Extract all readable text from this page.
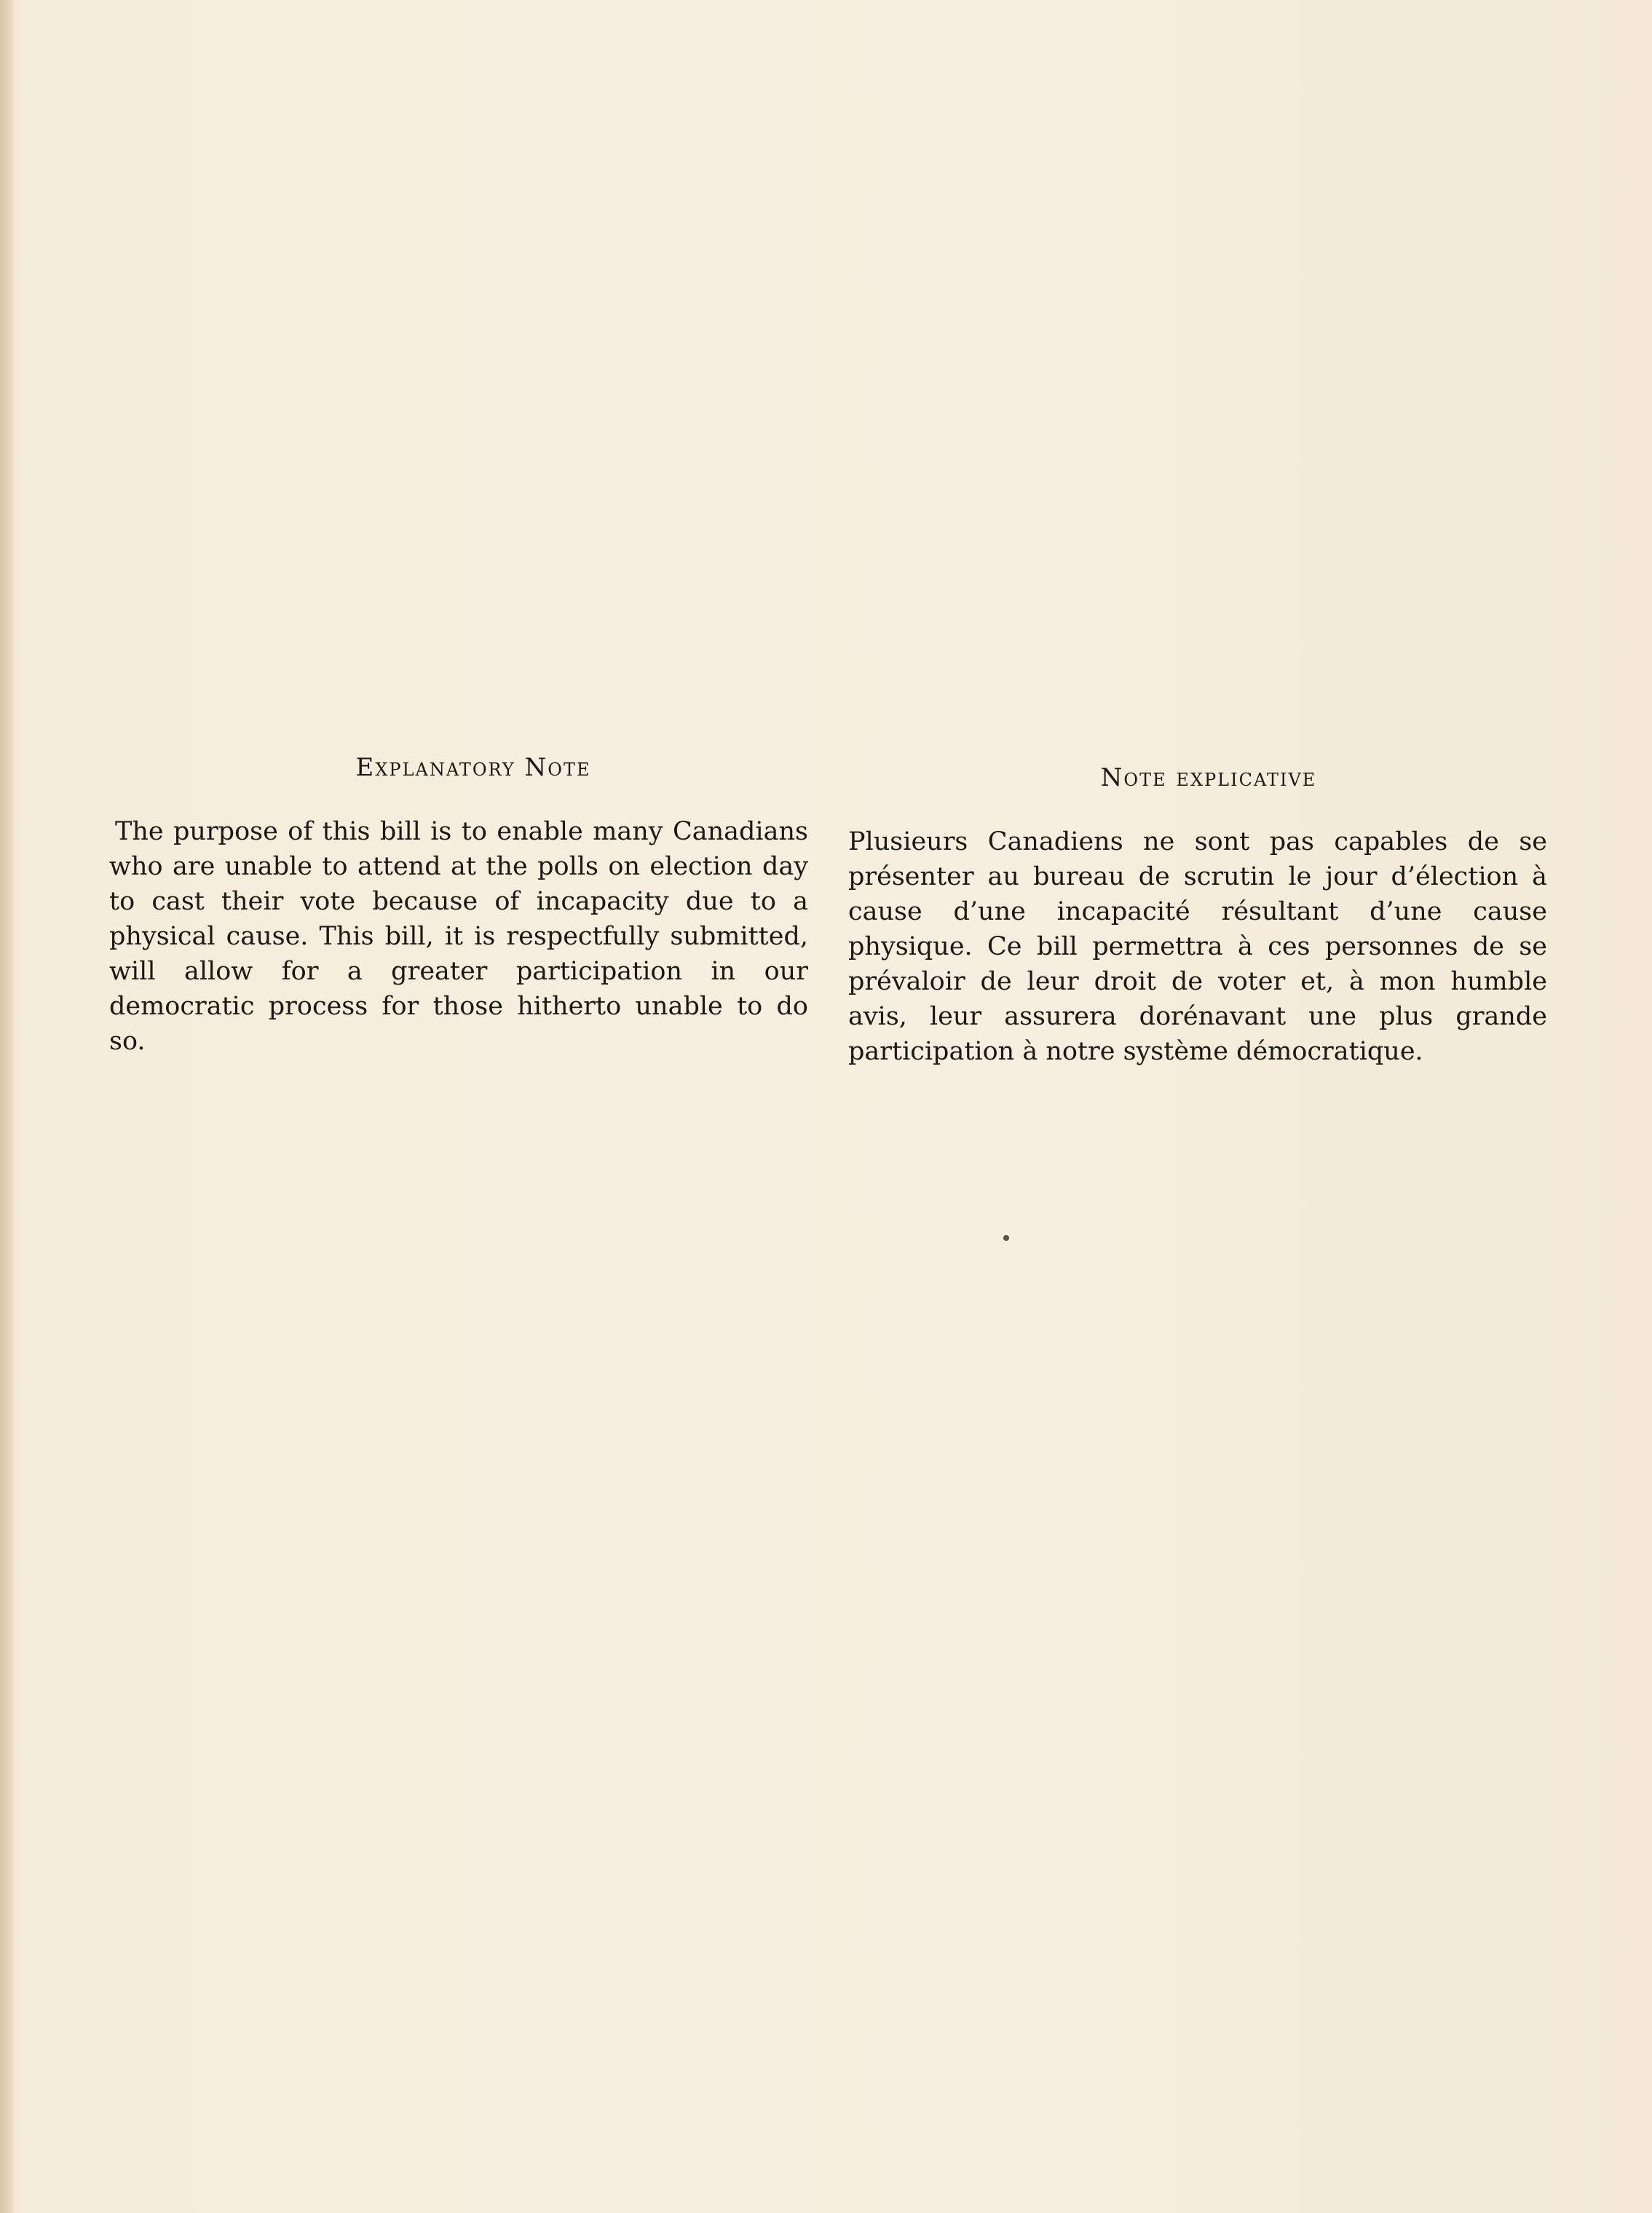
Explanatory Note

The purpose of this bill is to enable many Canadians who are unable to attend at the polls on election day to cast their vote because of incapacity due to a physical cause. This bill, it is respectfully submitted, will allow for a greater participation in our democratic process for those hitherto unable to do so.

Note explicative

Plusieurs Canadiens ne sont pas capables de se présenter au bureau de scrutin le jour d’élection à cause d’une incapacité résultant d’une cause physique. Ce bill permettra à ces personnes de se prévaloir de leur droit de voter et, à mon humble avis, leur assurera dorénavant une plus grande participation à notre système démocratique.
